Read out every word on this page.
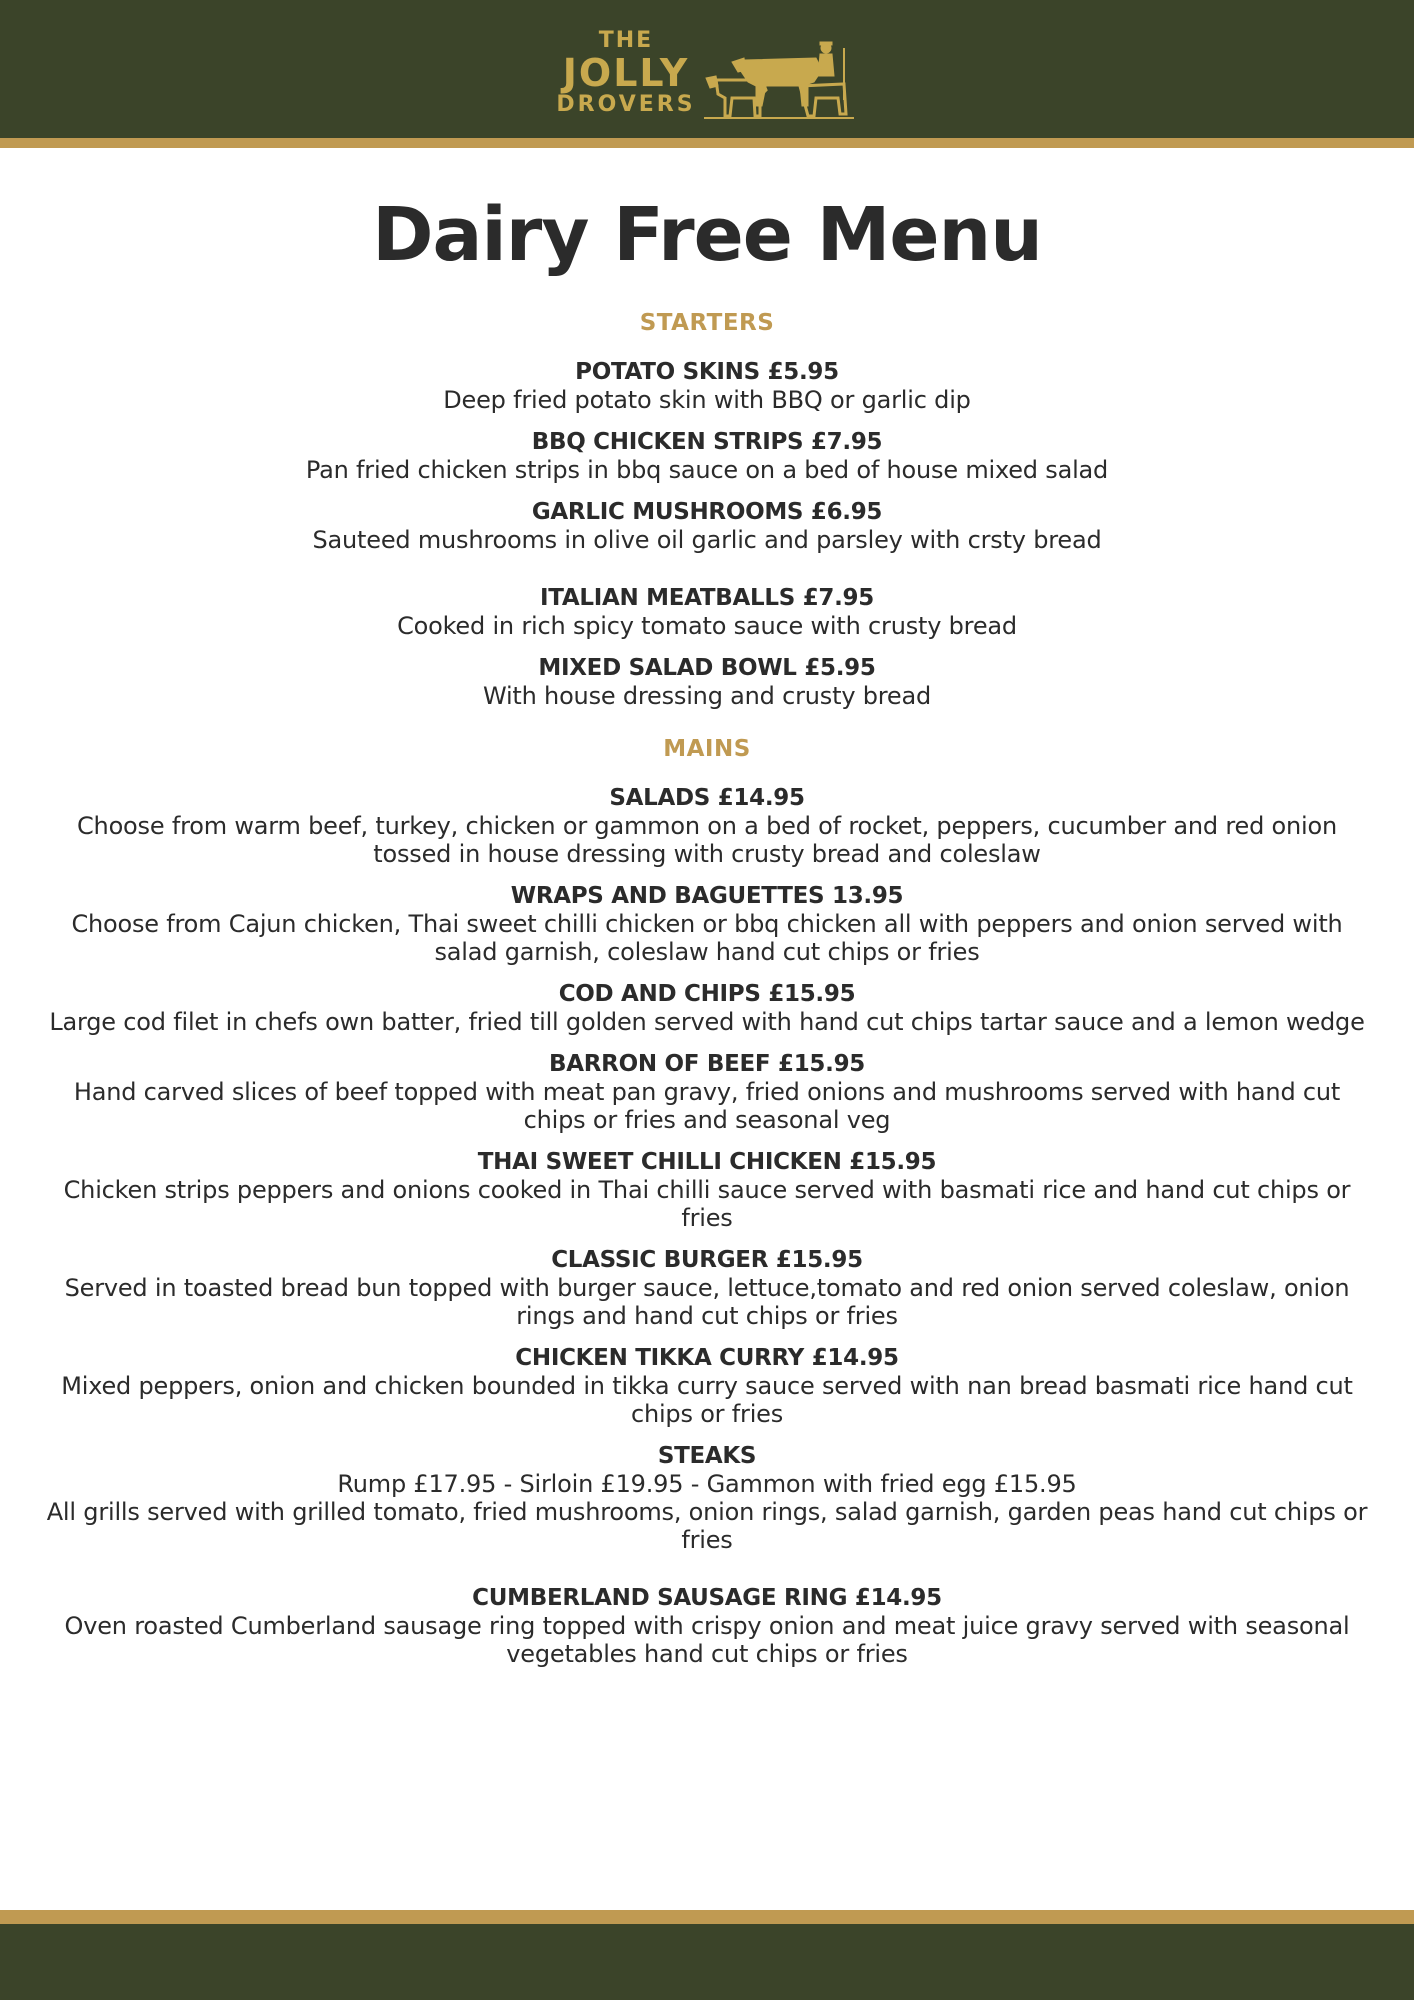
THE
JOLLY
DROVERS
Dairy Free Menu
STARTERS
POTATO SKINS £5.95
Deep fried potato skin with BBQ or garlic dip
BBQ CHICKEN STRIPS £7.95
Pan fried chicken strips in bbq sauce on a bed of house mixed salad
GARLIC MUSHROOMS £6.95
Sauteed mushrooms in olive oil garlic and parsley with crsty bread
ITALIAN MEATBALLS £7.95
Cooked in rich spicy tomato sauce with crusty bread
MIXED SALAD BOWL £5.95
With house dressing and crusty bread
MAINS
SALADS £14.95
Choose from warm beef, turkey, chicken or gammon on a bed of rocket, peppers, cucumber and red onion tossed in house dressing with crusty bread and coleslaw
WRAPS AND BAGUETTES 13.95
Choose from Cajun chicken, Thai sweet chilli chicken or bbq chicken all with peppers and onion served with salad garnish, coleslaw hand cut chips or fries
COD AND CHIPS £15.95
Large cod filet in chefs own batter, fried till golden served with hand cut chips tartar sauce and a lemon wedge
BARRON OF BEEF £15.95
Hand carved slices of beef topped with meat pan gravy, fried onions and mushrooms served with hand cut chips or fries and seasonal veg
THAI SWEET CHILLI CHICKEN £15.95
Chicken strips peppers and onions cooked in Thai chilli sauce served with basmati rice and hand cut chips or fries
CLASSIC BURGER £15.95
Served in toasted bread bun topped with burger sauce, lettuce,tomato and red onion served coleslaw, onion rings and hand cut chips or fries
CHICKEN TIKKA CURRY £14.95
Mixed peppers, onion and chicken bounded in tikka curry sauce served with nan bread basmati rice hand cut chips or fries
STEAKS
Rump £17.95 - Sirloin £19.95 - Gammon with fried egg £15.95
All grills served with grilled tomato, fried mushrooms, onion rings, salad garnish, garden peas hand cut chips or fries
CUMBERLAND SAUSAGE RING £14.95
Oven roasted Cumberland sausage ring topped with crispy onion and meat juice gravy served with seasonal vegetables hand cut chips or fries
